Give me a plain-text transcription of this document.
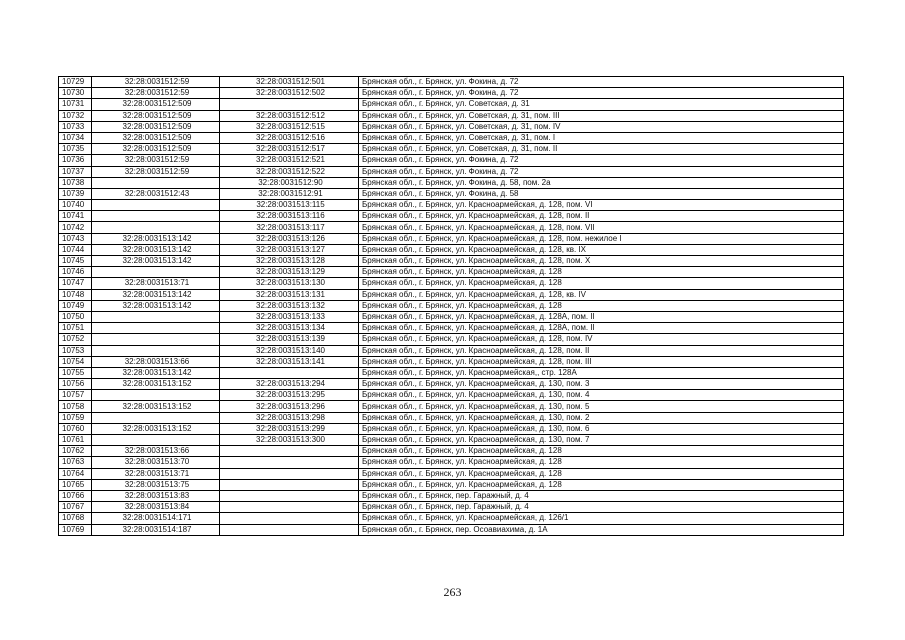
10729	32:28:0031512:59	32:28:0031512:501	Брянская обл., г. Брянск, ул. Фокина, д. 72
10730	32:28:0031512:59	32:28:0031512:502	Брянская обл., г. Брянск, ул. Фокина, д. 72
10731	32:28:0031512:509		Брянская обл., г. Брянск, ул. Советская, д. 31
10732	32:28:0031512:509	32:28:0031512:512	Брянская обл., г. Брянск, ул. Советская, д. 31, пом. III
10733	32:28:0031512:509	32:28:0031512:515	Брянская обл., г. Брянск, ул. Советская, д. 31, пом. IV
10734	32:28:0031512:509	32:28:0031512:516	Брянская обл., г. Брянск, ул. Советская, д. 31, пом. I
10735	32:28:0031512:509	32:28:0031512:517	Брянская обл., г. Брянск, ул. Советская, д. 31, пом. II
10736	32:28:0031512:59	32:28:0031512:521	Брянская обл., г. Брянск, ул. Фокина, д. 72
10737	32:28:0031512:59	32:28:0031512:522	Брянская обл., г. Брянск, ул. Фокина, д. 72
10738		32:28:0031512:90	Брянская обл., г. Брянск, ул. Фокина, д. 58, пом. 2а
10739	32:28:0031512:43	32:28:0031512:91	Брянская обл., г. Брянск, ул. Фокина, д. 58
10740		32:28:0031513:115	Брянская обл., г. Брянск, ул. Красноармейская, д. 128, пом. VI
10741		32:28:0031513:116	Брянская обл., г. Брянск, ул. Красноармейская, д. 128, пом. II
10742		32:28:0031513:117	Брянская обл., г. Брянск, ул. Красноармейская, д. 128, пом. VII
10743	32:28:0031513:142	32:28:0031513:126	Брянская обл., г. Брянск, ул. Красноармейская, д. 128, пом. нежилое I
10744	32:28:0031513:142	32:28:0031513:127	Брянская обл., г. Брянск, ул. Красноармейская, д. 128, кв. IX
10745	32:28:0031513:142	32:28:0031513:128	Брянская обл., г. Брянск, ул. Красноармейская, д. 128, пом. X
10746		32:28:0031513:129	Брянская обл., г. Брянск, ул. Красноармейская, д. 128
10747	32:28:0031513:71	32:28:0031513:130	Брянская обл., г. Брянск, ул. Красноармейская, д. 128
10748	32:28:0031513:142	32:28:0031513:131	Брянская обл., г. Брянск, ул. Красноармейская, д. 128, кв. IV
10749	32:28:0031513:142	32:28:0031513:132	Брянская обл., г. Брянск, ул. Красноармейская, д. 128
10750		32:28:0031513:133	Брянская обл., г. Брянск, ул. Красноармейская, д. 128А, пом. II
10751		32:28:0031513:134	Брянская обл., г. Брянск, ул. Красноармейская, д. 128А, пом. II
10752		32:28:0031513:139	Брянская обл., г. Брянск, ул. Красноармейская, д. 128, пом. IV
10753		32:28:0031513:140	Брянская обл., г. Брянск, ул. Красноармейская, д. 128, пом. II
10754	32:28:0031513:66	32:28:0031513:141	Брянская обл., г. Брянск, ул. Красноармейская, д. 128, пом. III
10755	32:28:0031513:142		Брянская обл., г. Брянск, ул. Красноармейская,, стр. 128А
10756	32:28:0031513:152	32:28:0031513:294	Брянская обл., г. Брянск, ул. Красноармейская, д. 130, пом. 3
10757		32:28:0031513:295	Брянская обл., г. Брянск, ул. Красноармейская, д. 130, пом. 4
10758	32:28:0031513:152	32:28:0031513:296	Брянская обл., г. Брянск, ул. Красноармейская, д. 130, пом. 5
10759		32:28:0031513:298	Брянская обл., г. Брянск, ул. Красноармейская, д. 130, пом. 2
10760	32:28:0031513:152	32:28:0031513:299	Брянская обл., г. Брянск, ул. Красноармейская, д. 130, пом. 6
10761		32:28:0031513:300	Брянская обл., г. Брянск, ул. Красноармейская, д. 130, пом. 7
10762	32:28:0031513:66		Брянская обл., г. Брянск, ул. Красноармейская, д. 128
10763	32:28:0031513:70		Брянская обл., г. Брянск, ул. Красноармейская, д. 128
10764	32:28:0031513:71		Брянская обл., г. Брянск, ул. Красноармейская, д. 128
10765	32:28:0031513:75		Брянская обл., г. Брянск, ул. Красноармейская, д. 128
10766	32:28:0031513:83		Брянская обл., г. Брянск, пер. Гаражный, д. 4
10767	32:28:0031513:84		Брянская обл., г. Брянск, пер. Гаражный, д. 4
10768	32:28:0031514:171		Брянская обл., г. Брянск, ул. Красноармейская, д. 126/1
10769	32:28:0031514:187		Брянская обл., г. Брянск, пер. Осоавиахима, д. 1А
263
